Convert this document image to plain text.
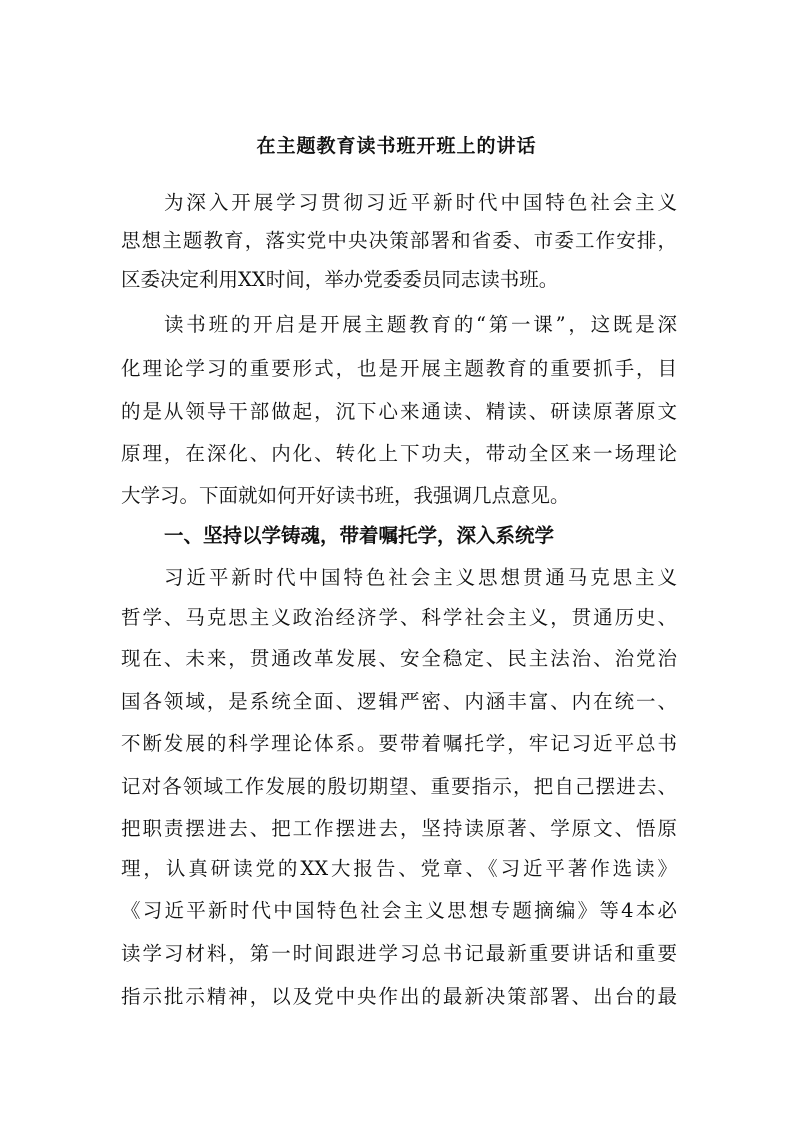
在主题教育读书班开班上的讲话
为深入开展学习贯彻习近平新时代中国特色社会主义
思想主题教育，落实党中央决策部署和省委、市委工作安排，
区委决定利用XX时间，举办党委委员同志读书班。
读书班的开启是开展主题教育的“第一课”，这既是深
化理论学习的重要形式，也是开展主题教育的重要抓手，目
的是从领导干部做起，沉下心来通读、精读、研读原著原文
原理，在深化、内化、转化上下功夫，带动全区来一场理论
大学习。下面就如何开好读书班，我强调几点意见。
一、坚持以学铸魂，带着嘱托学，深入系统学
习近平新时代中国特色社会主义思想贯通马克思主义
哲学、马克思主义政治经济学、科学社会主义，贯通历史、
现在、未来，贯通改革发展、安全稳定、民主法治、治党治
国各领域，是系统全面、逻辑严密、内涵丰富、内在统一、
不断发展的科学理论体系。要带着嘱托学，牢记习近平总书
记对各领域工作发展的殷切期望、重要指示，把自己摆进去、
把职责摆进去、把工作摆进去，坚持读原著、学原文、悟原
理，认真研读党的XX大报告、党章、《习近平著作选读》
《习近平新时代中国特色社会主义思想专题摘编》等4本必
读学习材料，第一时间跟进学习总书记最新重要讲话和重要
指示批示精神，以及党中央作出的最新决策部署、出台的最
